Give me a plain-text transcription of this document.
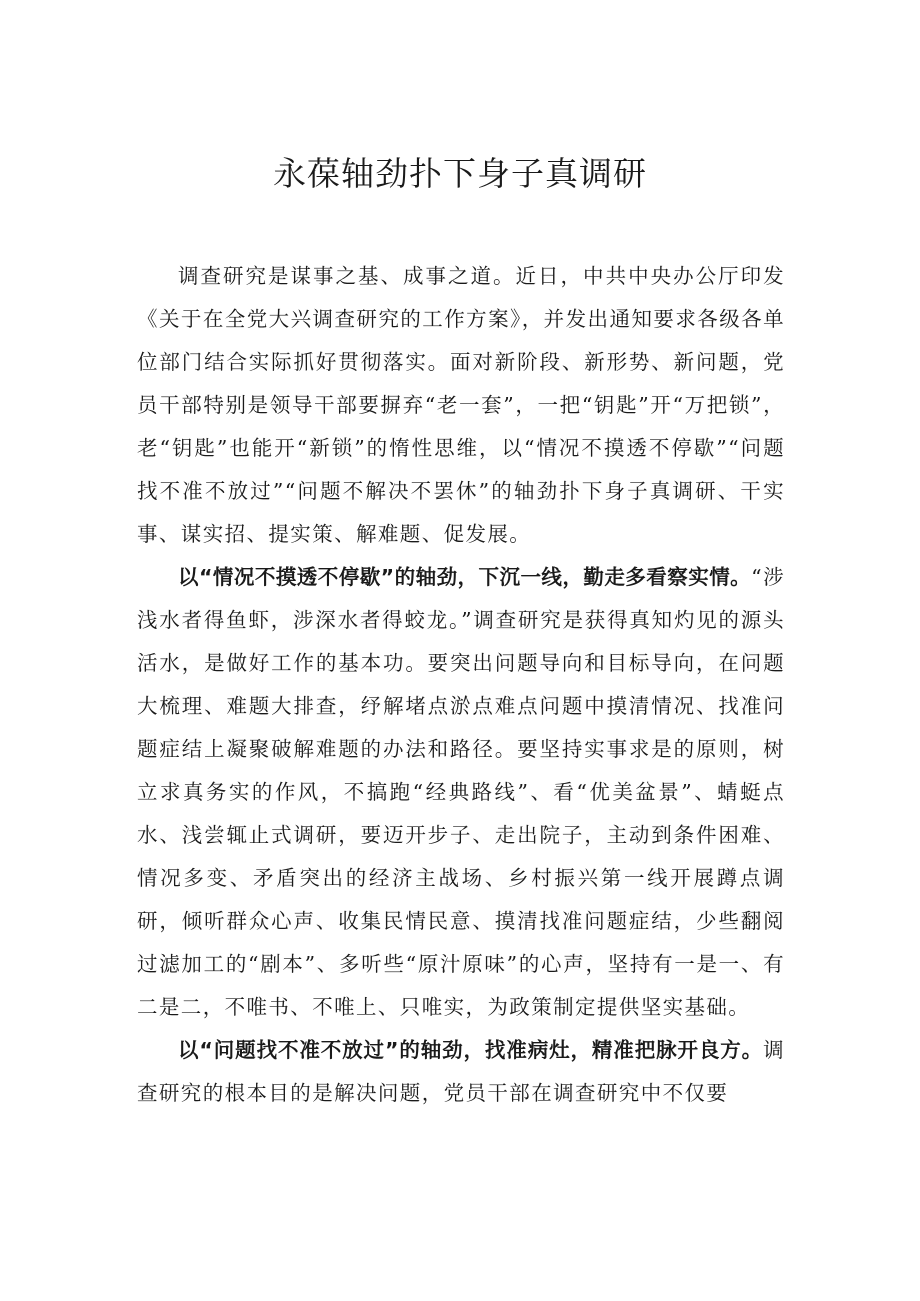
永葆轴劲扑下身子真调研

调查研究是谋事之基、成事之道。近日，中共中央办公厅印发《关于在全党大兴调查研究的工作方案》，并发出通知要求各级各单位部门结合实际抓好贯彻落实。面对新阶段、新形势、新问题，党员干部特别是领导干部要摒弃“老一套”，一把“钥匙”开“万把锁”，老“钥匙”也能开“新锁”的惰性思维，以“情况不摸透不停歇”“问题找不准不放过”“问题不解决不罢休”的轴劲扑下身子真调研、干实事、谋实招、提实策、解难题、促发展。

以“情况不摸透不停歇”的轴劲，下沉一线，勤走多看察实情。“涉浅水者得鱼虾，涉深水者得蛟龙。”调查研究是获得真知灼见的源头活水，是做好工作的基本功。要突出问题导向和目标导向，在问题大梳理、难题大排查，纾解堵点淤点难点问题中摸清情况、找准问题症结上凝聚破解难题的办法和路径。要坚持实事求是的原则，树立求真务实的作风，不搞跑“经典路线”、看“优美盆景”、蜻蜓点水、浅尝辄止式调研，要迈开步子、走出院子，主动到条件困难、情况多变、矛盾突出的经济主战场、乡村振兴第一线开展蹲点调研，倾听群众心声、收集民情民意、摸清找准问题症结，少些翻阅过滤加工的“剧本”、多听些“原汁原味”的心声，坚持有一是一、有二是二，不唯书、不唯上、只唯实，为政策制定提供坚实基础。

以“问题找不准不放过”的轴劲，找准病灶，精准把脉开良方。调查研究的根本目的是解决问题，党员干部在调查研究中不仅要
